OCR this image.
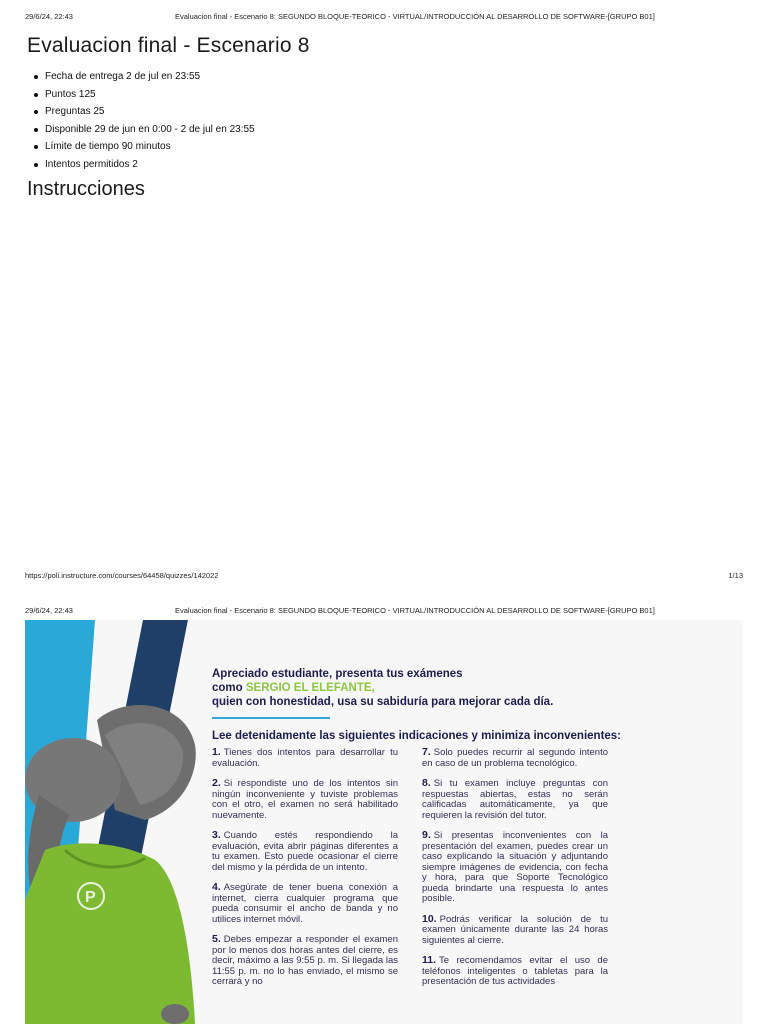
29/6/24, 22:43	Evaluacion final - Escenario 8: SEGUNDO BLOQUE-TEORICO - VIRTUAL/INTRODUCCIÓN AL DESARROLLO DE SOFTWARE-[GRUPO B01]
Evaluacion final - Escenario 8
Fecha de entrega 2 de jul en 23:55
Puntos 125
Preguntas 25
Disponible 29 de jun en 0:00 - 2 de jul en 23:55
Límite de tiempo 90 minutos
Intentos permitidos 2
Instrucciones
https://poli.instructure.com/courses/64458/quizzes/142022	1/13
29/6/24, 22:43	Evaluacion final - Escenario 8: SEGUNDO BLOQUE-TEORICO - VIRTUAL/INTRODUCCIÓN AL DESARROLLO DE SOFTWARE-[GRUPO B01]
P
Apreciado estudiante, presenta tus exámenes
como SERGIO EL ELEFANTE,
quien con honestidad, usa su sabiduría para mejorar cada día.
Lee detenidamente las siguientes indicaciones y minimiza inconvenientes:
1. Tienes dos intentos para desarrollar tu evaluación.
2. Si respondiste uno de los intentos sin ningún inconveniente y tuviste problemas con el otro, el examen no será habilitado nuevamente.
3. Cuando estés respondiendo la evaluación, evita abrir páginas diferentes a tu examen. Esto puede ocasionar el cierre del mismo y la pérdida de un intento.
4. Asegúrate de tener buena conexión a internet, cierra cualquier programa que pueda consumir el ancho de banda y no utilices internet móvil.
5. Debes empezar a responder el examen por lo menos dos horas antes del cierre, es decir, máximo a las 9:55 p. m. Si llegada las 11:55 p. m. no lo has enviado, el mismo se cerrará y no
7. Solo puedes recurrir al segundo intento en caso de un problema tecnológico.
8. Si tu examen incluye preguntas con respuestas abiertas, estas no serán calificadas automáticamente, ya que requieren la revisión del tutor.
9. Si presentas inconvenientes con la presentación del examen, puedes crear un caso explicando la situación y adjuntando siempre imágenes de evidencia, con fecha y hora, para que Soporte Tecnológico pueda brindarte una respuesta lo antes posible.
10. Podrás verificar la solución de tu examen únicamente durante las 24 horas siguientes al cierre.
11. Te recomendamos evitar el uso de teléfonos inteligentes o tabletas para la presentación de tus actividades
